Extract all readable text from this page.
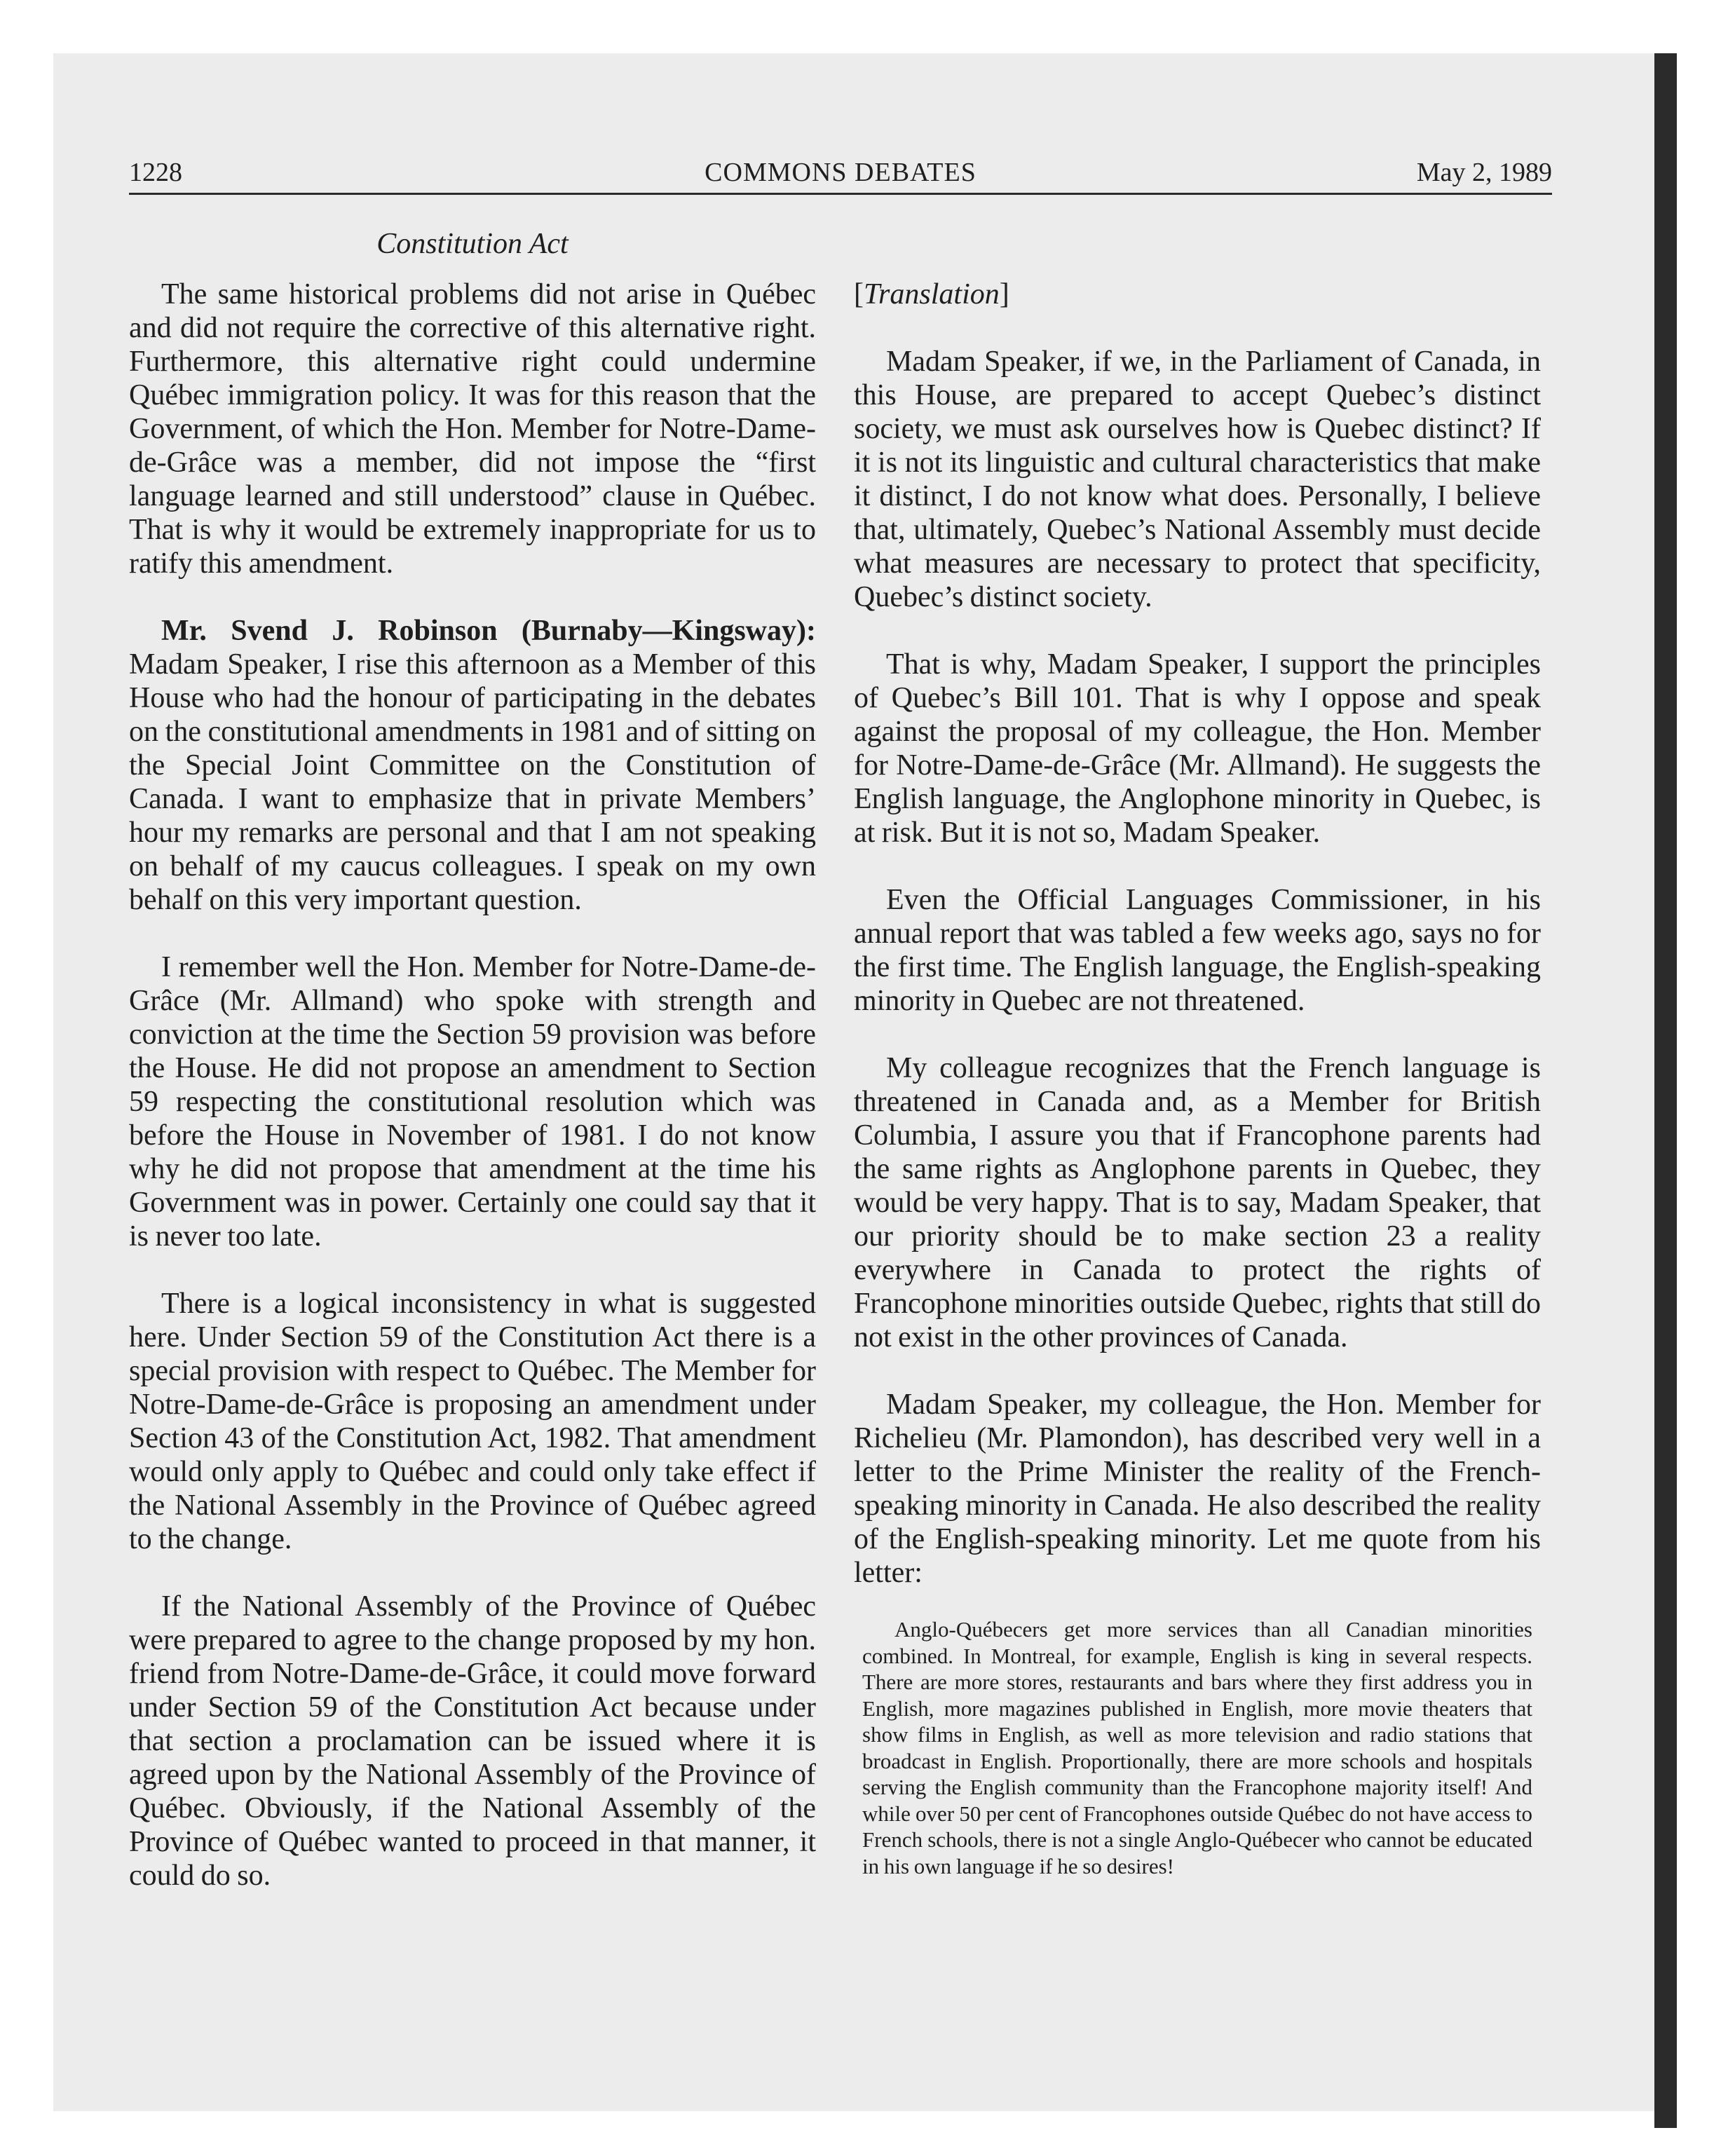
1228	COMMONS DEBATES	May 2, 1989
Constitution Act

The same historical problems did not arise in Québec and did not require the corrective of this alternative right. Furthermore, this alternative right could undermine Québec immigration policy. It was for this reason that the Government, of which the Hon. Member for Notre-Dame-de-Grâce was a member, did not impose the “first language learned and still understood” clause in Québec. That is why it would be extremely inappropriate for us to ratify this amendment.

Mr. Svend J. Robinson (Burnaby—Kingsway): Madam Speaker, I rise this afternoon as a Member of this House who had the honour of participating in the debates on the constitutional amendments in 1981 and of sitting on the Special Joint Committee on the Constitution of Canada. I want to emphasize that in private Members’ hour my remarks are personal and that I am not speaking on behalf of my caucus colleagues. I speak on my own behalf on this very important question.

I remember well the Hon. Member for Notre-Dame-de-Grâce (Mr. Allmand) who spoke with strength and conviction at the time the Section 59 provision was before the House. He did not propose an amendment to Section 59 respecting the constitutional resolution which was before the House in November of 1981. I do not know why he did not propose that amendment at the time his Government was in power. Certainly one could say that it is never too late.

There is a logical inconsistency in what is suggested here. Under Section 59 of the Constitution Act there is a special provision with respect to Québec. The Member for Notre-Dame-de-Grâce is proposing an amendment under Section 43 of the Constitution Act, 1982. That amendment would only apply to Québec and could only take effect if the National Assembly in the Province of Québec agreed to the change.

If the National Assembly of the Province of Québec were prepared to agree to the change proposed by my hon. friend from Notre-Dame-de-Grâce, it could move forward under Section 59 of the Constitution Act because under that section a proclamation can be issued where it is agreed upon by the National Assembly of the Province of Québec. Obviously, if the National Assembly of the Province of Québec wanted to proceed in that manner, it could do so.

[Translation]

Madam Speaker, if we, in the Parliament of Canada, in this House, are prepared to accept Quebec’s distinct society, we must ask ourselves how is Quebec distinct? If it is not its linguistic and cultural characteristics that make it distinct, I do not know what does. Personally, I believe that, ultimately, Quebec’s National Assembly must decide what measures are necessary to protect that specificity, Quebec’s distinct society.

That is why, Madam Speaker, I support the principles of Quebec’s Bill 101. That is why I oppose and speak against the proposal of my colleague, the Hon. Member for Notre-Dame-de-Grâce (Mr. Allmand). He suggests the English language, the Anglophone minority in Quebec, is at risk. But it is not so, Madam Speaker.

Even the Official Languages Commissioner, in his annual report that was tabled a few weeks ago, says no for the first time. The English language, the English-speaking minority in Quebec are not threatened.

My colleague recognizes that the French language is threatened in Canada and, as a Member for British Columbia, I assure you that if Francophone parents had the same rights as Anglophone parents in Quebec, they would be very happy. That is to say, Madam Speaker, that our priority should be to make section 23 a reality everywhere in Canada to protect the rights of Francophone minorities outside Quebec, rights that still do not exist in the other provinces of Canada.

Madam Speaker, my colleague, the Hon. Member for Richelieu (Mr. Plamondon), has described very well in a letter to the Prime Minister the reality of the French-speaking minority in Canada. He also described the reality of the English-speaking minority. Let me quote from his letter:

Anglo-Québecers get more services than all Canadian minorities combined. In Montreal, for example, English is king in several respects. There are more stores, restaurants and bars where they first address you in English, more magazines published in English, more movie theaters that show films in English, as well as more television and radio stations that broadcast in English. Proportionally, there are more schools and hospitals serving the English community than the Francophone majority itself! And while over 50 per cent of Francophones outside Québec do not have access to French schools, there is not a single Anglo-Québecer who cannot be educated in his own language if he so desires!
